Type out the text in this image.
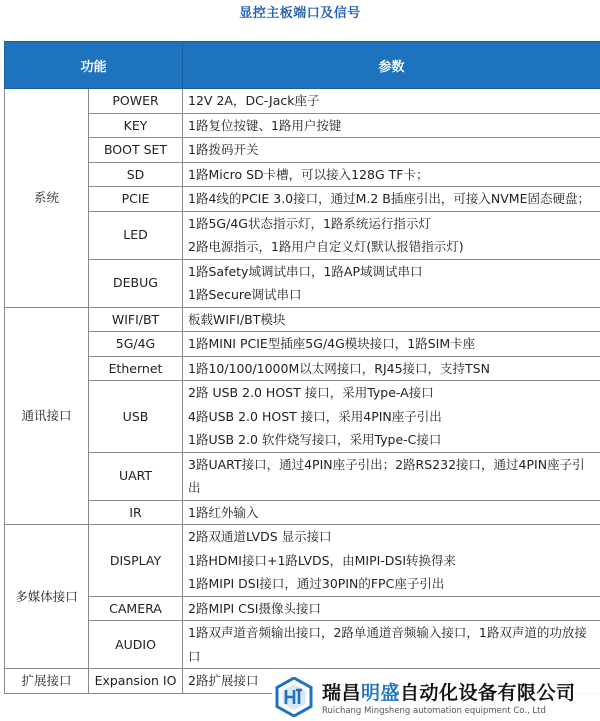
显控主板端口及信号
功能		参数
系统	POWER	12V 2A，DC-Jack座子
	KEY	1路复位按键、1路用户按键
	BOOT SET	1路拨码开关
	SD	1路Micro SD卡槽，可以接入128G TF卡；
	PCIE	1路4线的PCIE 3.0接口，通过M.2 B插座引出，可接入NVME固态硬盘；
	LED	1路5G/4G状态指示灯，1路系统运行指示灯
2路电源指示，1路用户自定义灯(默认报错指示灯)

	DEBUG	1路Safety域调试串口，1路AP域调试串口
1路Secure调试串口

通讯接口	WIFI/BT	板载WIFI/BT模块
	5G/4G	1路MINI PCIE型插座5G/4G模块接口，1路SIM卡座
	Ethernet	1路10/100/1000M以太网接口，RJ45接口，支持TSN
	USB	2路 USB 2.0 HOST 接口，采用Type-A接口
4路USB 2.0 HOST 接口，采用4PIN座子引出
1路USB 2.0 软件烧写接口，采用Type-C接口

	UART	3路UART接口，通过4PIN座子引出；2路RS232接口，通过4PIN座子引出
	IR	1路红外输入
多媒体接口	DISPLAY	2路双通道LVDS 显示接口
1路HDMI接口+1路LVDS，由MIPI-DSI转换得来
1路MIPI DSI接口，通过30PIN的FPC座子引出

	CAMERA	2路MIPI CSI摄像头接口
	AUDIO	1路双声道音频输出接口，2路单通道音频输入接口，1路双声道的功放接口
扩展接口	Expansion IO	2路扩展接口
瑞昌明盛自动化设备有限公司
Ruichang Mingsheng automation equipment Co., Ltd
